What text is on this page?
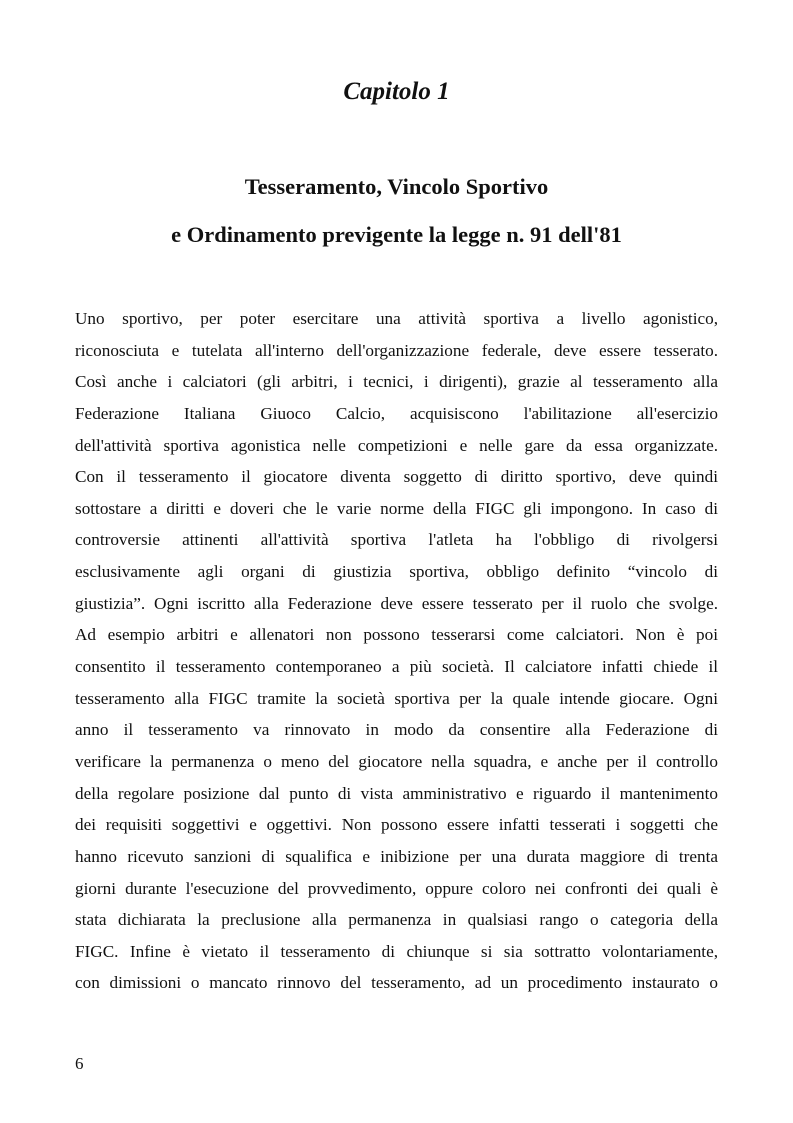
Capitolo 1
Tesseramento, Vincolo Sportivo
e Ordinamento previgente la legge n. 91 dell'81
Uno sportivo, per poter esercitare una attività sportiva a livello agonistico,
riconosciuta e tutelata all'interno dell'organizzazione federale, deve essere tesserato.
Così anche i calciatori (gli arbitri, i tecnici, i dirigenti), grazie al tesseramento alla
Federazione Italiana Giuoco Calcio, acquisiscono l'abilitazione all'esercizio
dell'attività sportiva agonistica nelle competizioni e nelle gare da essa organizzate.
Con il tesseramento il giocatore diventa soggetto di diritto sportivo, deve quindi
sottostare a diritti e doveri che le varie norme della FIGC gli impongono. In caso di
controversie attinenti all'attività sportiva l'atleta ha l'obbligo di rivolgersi
esclusivamente agli organi di giustizia sportiva, obbligo definito “vincolo di
giustizia”. Ogni iscritto alla Federazione deve essere tesserato per il ruolo che svolge.
Ad esempio arbitri e allenatori non possono tesserarsi come calciatori. Non è poi
consentito il tesseramento contemporaneo a più società. Il calciatore infatti chiede il
tesseramento alla FIGC tramite la società sportiva per la quale intende giocare. Ogni
anno il tesseramento va rinnovato in modo da consentire alla Federazione di
verificare la permanenza o meno del giocatore nella squadra, e anche per il controllo
della regolare posizione dal punto di vista amministrativo e riguardo il mantenimento
dei requisiti soggettivi e oggettivi. Non possono essere infatti tesserati i soggetti che
hanno ricevuto sanzioni di squalifica e inibizione per una durata maggiore di trenta
giorni durante l'esecuzione del provvedimento, oppure coloro nei confronti dei quali è
stata dichiarata la preclusione alla permanenza in qualsiasi rango o categoria della
FIGC. Infine è vietato il tesseramento di chiunque si sia sottratto volontariamente,
con dimissioni o mancato rinnovo del tesseramento, ad un procedimento instaurato o
6
